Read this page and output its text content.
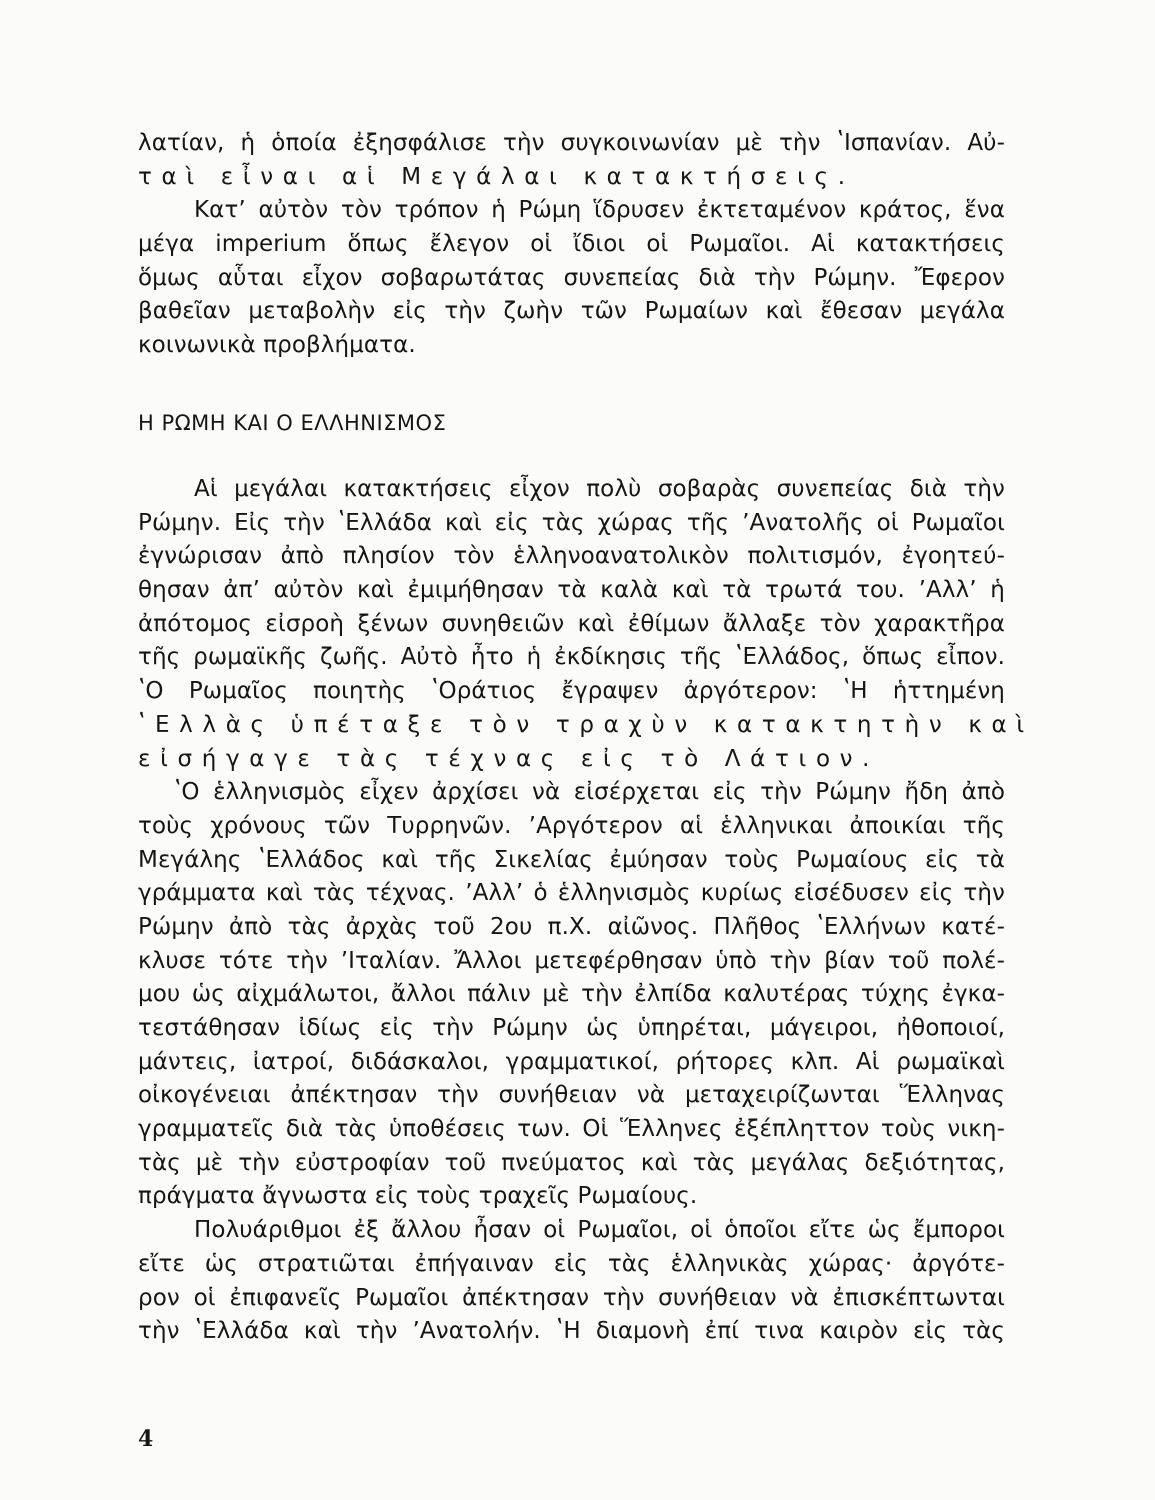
λατίαν, ἡ ὁποία ἐξησφάλισε τὴν συγκοινωνίαν μὲ τὴν ʽΙσπανίαν. Αὐ-
ταὶ εἶναι αἱ Μεγάλαι κατακτήσεις.
Κατ’ αὐτὸν τὸν τρόπον ἡ Ρώμη ἵδρυσεν ἐκτεταμένον κράτος, ἕνα
μέγα imperium ὅπως ἔλεγον οἱ ἴδιοι οἱ Ρωμαῖοι. Αἱ κατακτήσεις
ὅμως αὗται εἶχον σοβαρωτάτας συνεπείας διὰ τὴν Ρώμην. Ἔφερον
βαθεῖαν μεταβολὴν εἰς τὴν ζωὴν τῶν Ρωμαίων καὶ ἔθεσαν μεγάλα
κοινωνικὰ προβλήματα.
Η ΡΩΜΗ ΚΑΙ Ο ΕΛΛΗΝΙΣΜΟΣ
Αἱ μεγάλαι κατακτήσεις εἶχον πολὺ σοβαρὰς συνεπείας διὰ τὴν
Ρώμην. Εἰς τὴν ʽΕλλάδα καὶ εἰς τὰς χώρας τῆς ’Ανατολῆς οἱ Ρωμαῖοι
ἐγνώρισαν ἀπὸ πλησίον τὸν ἑλληνοανατολικὸν πολιτισμόν, ἐγοητεύ-
θησαν ἀπ’ αὐτὸν καὶ ἐμιμήθησαν τὰ καλὰ καὶ τὰ τρωτά του. ’Αλλ’ ἡ
ἀπότομος εἰσροὴ ξένων συνηθειῶν καὶ ἐθίμων ἄλλαξε τὸν χαρακτῆρα
τῆς ρωμαϊκῆς ζωῆς. Αὐτὸ ἦτο ἡ ἐκδίκησις τῆς ʽΕλλάδος, ὅπως εἶπον.
ʽΟ Ρωμαῖος ποιητὴς ʽΟράτιος ἔγραψεν ἀργότερον: ʽΗ ἡττημένη
ʽΕλλὰς ὑπέταξε τὸν τραχὺν κατακτητὴν καὶ
εἰσήγαγε τὰς τέχνας εἰς τὸ Λάτιον.
ʽΟ ἑλληνισμὸς εἶχεν ἀρχίσει νὰ εἰσέρχεται εἰς τὴν Ρώμην ἤδη ἀπὸ
τοὺς χρόνους τῶν Τυρρηνῶν. ’Αργότερον αἱ ἑλληνικαι ἀποικίαι τῆς
Μεγάλης ʽΕλλάδος καὶ τῆς Σικελίας ἐμύησαν τοὺς Ρωμαίους εἰς τὰ
γράμματα καὶ τὰς τέχνας. ’Αλλ’ ὁ ἑλληνισμὸς κυρίως εἰσέδυσεν εἰς τὴν
Ρώμην ἀπὸ τὰς ἀρχὰς τοῦ 2ου π.Χ. αἰῶνος. Πλῆθος ʽΕλλήνων κατέ-
κλυσε τότε τὴν ’Ιταλίαν. Ἄλλοι μετεφέρθησαν ὑπὸ τὴν βίαν τοῦ πολέ-
μου ὡς αἰχμάλωτοι, ἄλλοι πάλιν μὲ τὴν ἐλπίδα καλυτέρας τύχης ἐγκα-
τεστάθησαν ἰδίως εἰς τὴν Ρώμην ὡς ὑπηρέται, μάγειροι, ἠθοποιοί,
μάντεις, ἰατροί, διδάσκαλοι, γραμματικοί, ρήτορες κλπ. Αἱ ρωμαϊκαὶ
οἰκογένειαι ἀπέκτησαν τὴν συνήθειαν νὰ μεταχειρίζωνται Ἕλληνας
γραμματεῖς διὰ τὰς ὑποθέσεις των. Οἱ Ἕλληνες ἐξέπληττον τοὺς νικη-
τὰς μὲ τὴν εὐστροφίαν τοῦ πνεύματος καὶ τὰς μεγάλας δεξιότητας,
πράγματα ἄγνωστα εἰς τοὺς τραχεῖς Ρωμαίους.
Πολυάριθμοι ἐξ ἄλλου ἦσαν οἱ Ρωμαῖοι, οἱ ὁποῖοι εἴτε ὡς ἔμποροι
εἴτε ὡς στρατιῶται ἐπήγαιναν εἰς τὰς ἑλληνικὰς χώρας· ἀργότε-
ρον οἱ ἐπιφανεῖς Ρωμαῖοι ἀπέκτησαν τὴν συνήθειαν νὰ ἐπισκέπτωνται
τὴν ʽΕλλάδα καὶ τὴν ’Ανατολήν. ʽΗ διαμονὴ ἐπί τινα καιρὸν εἰς τὰς
4
